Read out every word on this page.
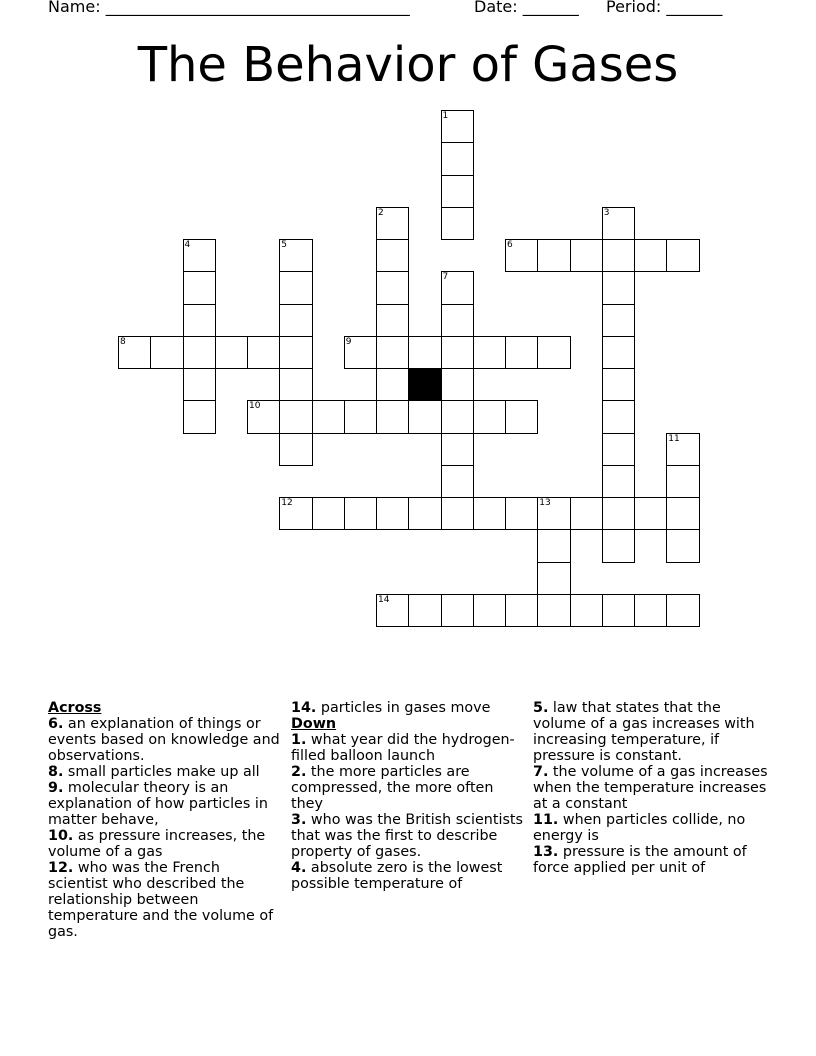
Name: ______________________________________	Date: _______ Period: _______
The Behavior of Gases
1
2	3
4	5	6
7
8	9
10
11
12	13
14
Across
6. an explanation of things or events based on knowledge and observations.
8. small particles make up all
9. molecular theory is an explanation of how particles in matter behave,
10. as pressure increases, the volume of a gas
12. who was the French scientist who described the relationship between temperature and the volume of gas.
14. particles in gases move
Down
1. what year did the hydrogen-filled balloon launch
2. the more particles are compressed, the more often they
3. who was the British scientists that was the first to describe property of gases.
4. absolute zero is the lowest possible temperature of
5. law that states that the volume of a gas increases with increasing temperature, if pressure is constant.
7. the volume of a gas increases when the temperature increases at a constant
11. when particles collide, no energy is
13. pressure is the amount of force applied per unit of
